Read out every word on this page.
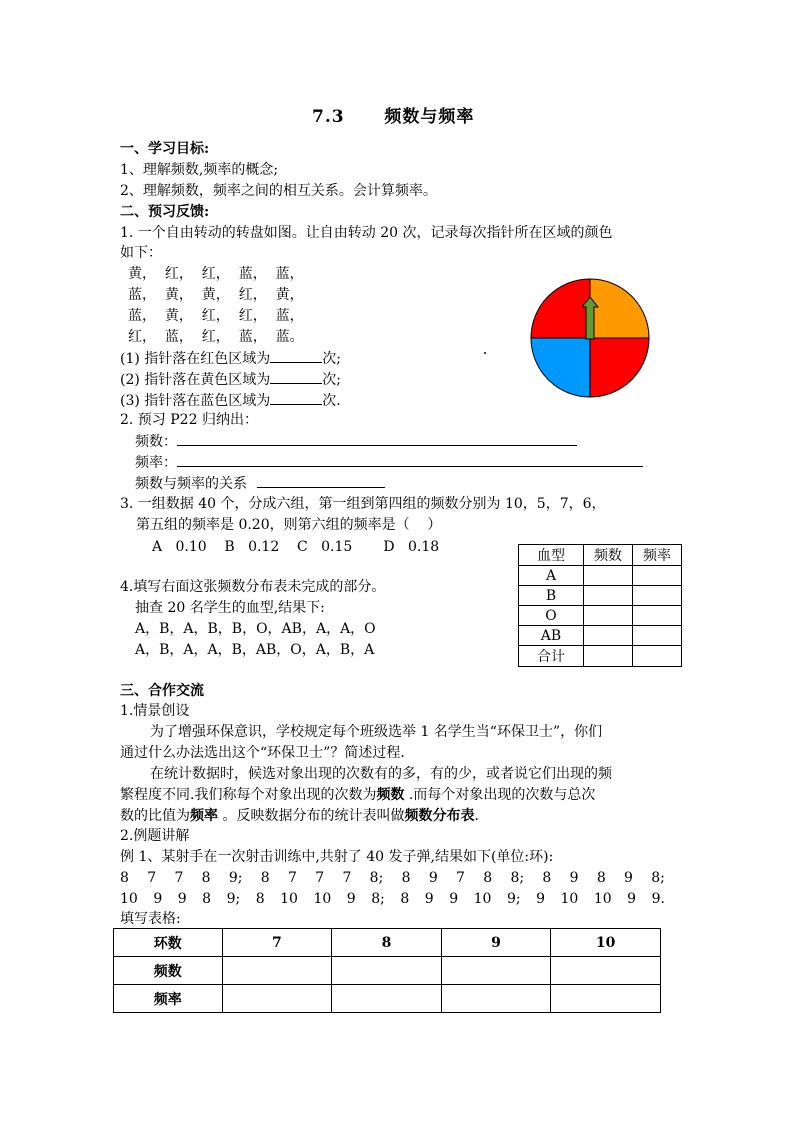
7.3 频数与频率
一、学习目标:
1、理解频数,频率的概念;
2、理解频数，频率之间的相互关系。会计算频率。
二、预习反馈:
1. 一个自由转动的转盘如图。让自由转动 20 次，记录每次指针所在区域的颜色
如下：
黄，  红，  红，  蓝，  蓝，
蓝，  黄，  黄，  红，  黄，
蓝，  黄，  红，  红，  蓝，
红，  蓝，  红，  蓝，  蓝。
(1) 指针落在红色区域为	次;
(2) 指针落在黄色区域为	次;
(3) 指针落在蓝色区域为	次.
2. 预习 P22 归纳出：
频数：
频率：
频数与频率的关系
3. 一组数据 40 个，分成六组，第一组到第四组的频数分别为 10，5，7，6，
第五组的频率是 0.20，则第六组的频率是（    ）
A   0.10    B   0.12    C   0.15       D   0.18
4.填写右面这张频数分布表未完成的部分。
抽查 20 名学生的血型,结果下:
A，B，A，B，B，O，AB，A，A，O
A，B，A，A，B，AB，O，A，B，A
血型	频数	频率
A		
B		
O		
AB		
合计		
三、合作交流
1.情景创设
为了增强环保意识，学校规定每个班级选举 1 名学生当“环保卫士”，你们
通过什么办法选出这个“环保卫士”？简述过程.
在统计数据时，候选对象出现的次数有的多，有的少，或者说它们出现的频
繁程度不同.我们称每个对象出现的次数为频数 .而每个对象出现的次数与总次
数的比值为频率 。反映数据分布的统计表叫做频数分布表.
2.例题讲解
例 1、某射手在一次射击训练中,共射了 40 发子弹,结果如下(单位:环):
8 7 7 8 9; 8 7 7 7 8; 8 9 7 8 8; 8 9 8 9 8;
10 9 9 8 9; 8 10 10 9 8; 8 9 9 10 9; 9 10 10 9 9.
填写表格:
环数	7	8	9	10
频数				
频率				
